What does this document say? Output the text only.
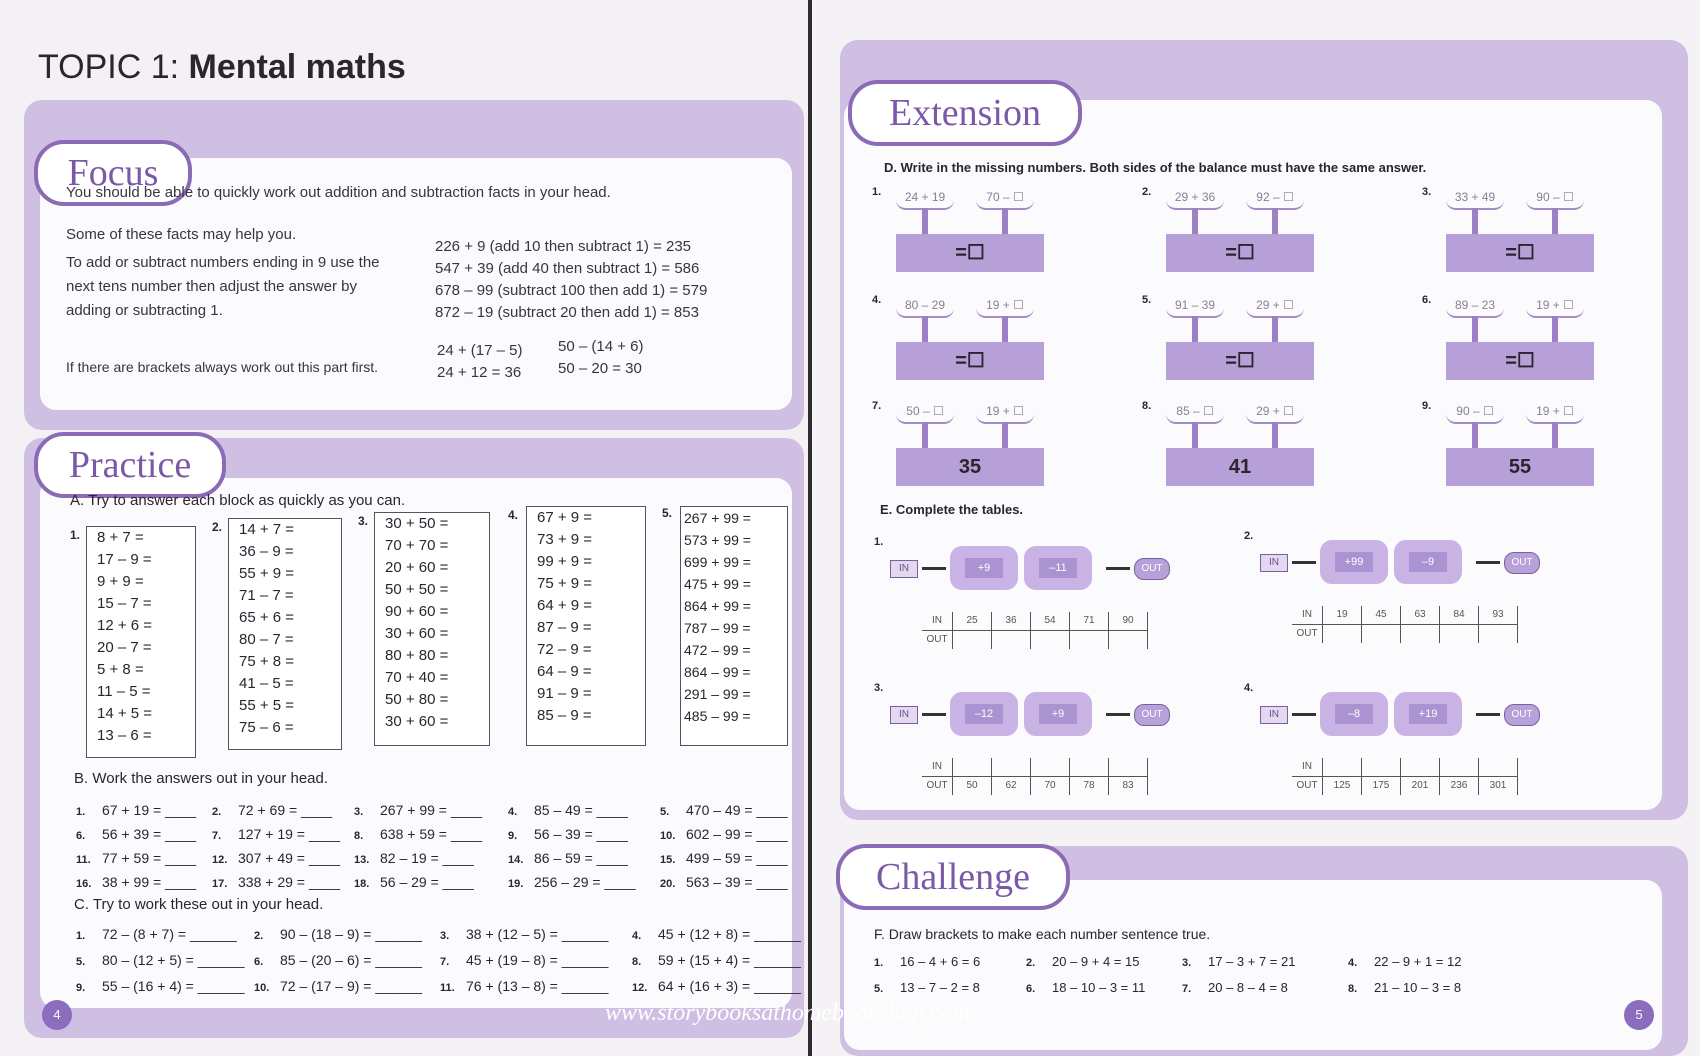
TOPIC 1: Mental maths
Focus
You should be able to quickly work out addition and subtraction facts in your head.
Some of these facts may help you.
To add or subtract numbers ending in 9 use the
next tens number then adjust the answer by
adding or subtracting 1.
226 + 9 (add 10 then subtract 1) = 235
547 + 39 (add 40 then subtract 1) = 586
678 – 99 (subtract 100 then add 1) = 579
872 – 19 (subtract 20 then add 1) = 853
If there are brackets always work out this part first.
24 + (17 – 5)
24 + 12 = 36
50 – (14 + 6)
50 – 20 = 30
Practice
A. Try to answer each block as quickly as you can.
1.	8 + 7 =
17 – 9 =
9 + 9 =
15 – 7 =
12 + 6 =
20 – 7 =
5 + 8 =
11 – 5 =
14 + 5 =
13 – 6 =
2.	14 + 7 =
36 – 9 =
55 + 9 =
71 – 7 =
65 + 6 =
80 – 7 =
75 + 8 =
41 – 5 =
55 + 5 =
75 – 6 =
3.	30 + 50 =
70 + 70 =
20 + 60 =
50 + 50 =
90 + 60 =
30 + 60 =
80 + 80 =
70 + 40 =
50 + 80 =
30 + 60 =
4.	67 + 9 =
73 + 9 =
99 + 9 =
75 + 9 =
64 + 9 =
87 – 9 =
72 – 9 =
64 – 9 =
91 – 9 =
85 – 9 =
5. 267 + 99 =
573 + 99 =
699 + 99 =
475 + 99 =
864 + 99 =
787 – 99 =
472 – 99 =
864 – 99 =
291 – 99 =
485 – 99 =
B. Work the answers out in your head.
1. 67 + 19 = ____ 2. 72 + 69 = ____ 3. 267 + 99 = ____ 4. 85 – 49 = ____	5. 470 – 49 = ____
6. 56 + 39 = ____ 7. 127 + 19 = ____ 8. 638 + 59 = ____ 9. 56 – 39 = ____	10. 602 – 99 = ____
11. 77 + 59 = ____ 12. 307 + 49 = ____ 13. 82 – 19 = ____	14. 86 – 59 = ____	15. 499 – 59 = ____
16. 38 + 99 = ____ 17. 338 + 29 = ____ 18. 56 – 29 = ____	19. 256 – 29 = ____ 20. 563 – 39 = ____
C. Try to work these out in your head.
1. 72 – (8 + 7) = ______ 2. 90 – (18 – 9) = ______ 3. 38 + (12 – 5) = ______ 4. 45 + (12 + 8) = ______
5. 80 – (12 + 5) = ______ 6. 85 – (20 – 6) = ______ 7. 45 + (19 – 8) = ______ 8. 59 + (15 + 4) = ______
9. 55 – (16 + 4) = ______ 10. 72 – (17 – 9) = ______ 11. 76 + (13 – 8) = ______ 12. 64 + (16 + 3) = ______
4
Extension
D. Write in the missing numbers. Both sides of the balance must have the same answer.
1.	24 + 19	70 – ☐
=☐
2.	29 + 36	92 – ☐
=☐
3.	33 + 49	90 – ☐
=☐
4.	80 – 29	19 + ☐
=☐
5.	91 – 39	29 + ☐
=☐
6.	89 – 23	19 + ☐
=☐
7.	50 – ☐	19 + ☐
35
8.	85 – ☐	29 + ☐
41
9.	90 – ☐	19 + ☐
55
E. Complete the tables.
1.
IN	+9	–11	OUT
IN	25	36	54	71	90
OUT
2.
IN	+99	–9	OUT
IN	19	45	63	84	93
OUT
3.
IN	–12	+9	OUT
IN
OUT	50	62	70	78	83
4.
IN	–8	+19	OUT
IN
OUT	125	175	201	236	301
Challenge
F. Draw brackets to make each number sentence true.
1. 16 – 4 + 6 = 6	2. 20 – 9 + 4 = 15	3. 17 – 3 + 7 = 21	4. 22 – 9 + 1 = 12
5. 13 – 7 – 2 = 8	6. 18 – 10 – 3 = 11	7. 20 – 8 – 4 = 8	8. 21 – 10 – 3 = 8
5
www.storybooksathomebookshop.com
